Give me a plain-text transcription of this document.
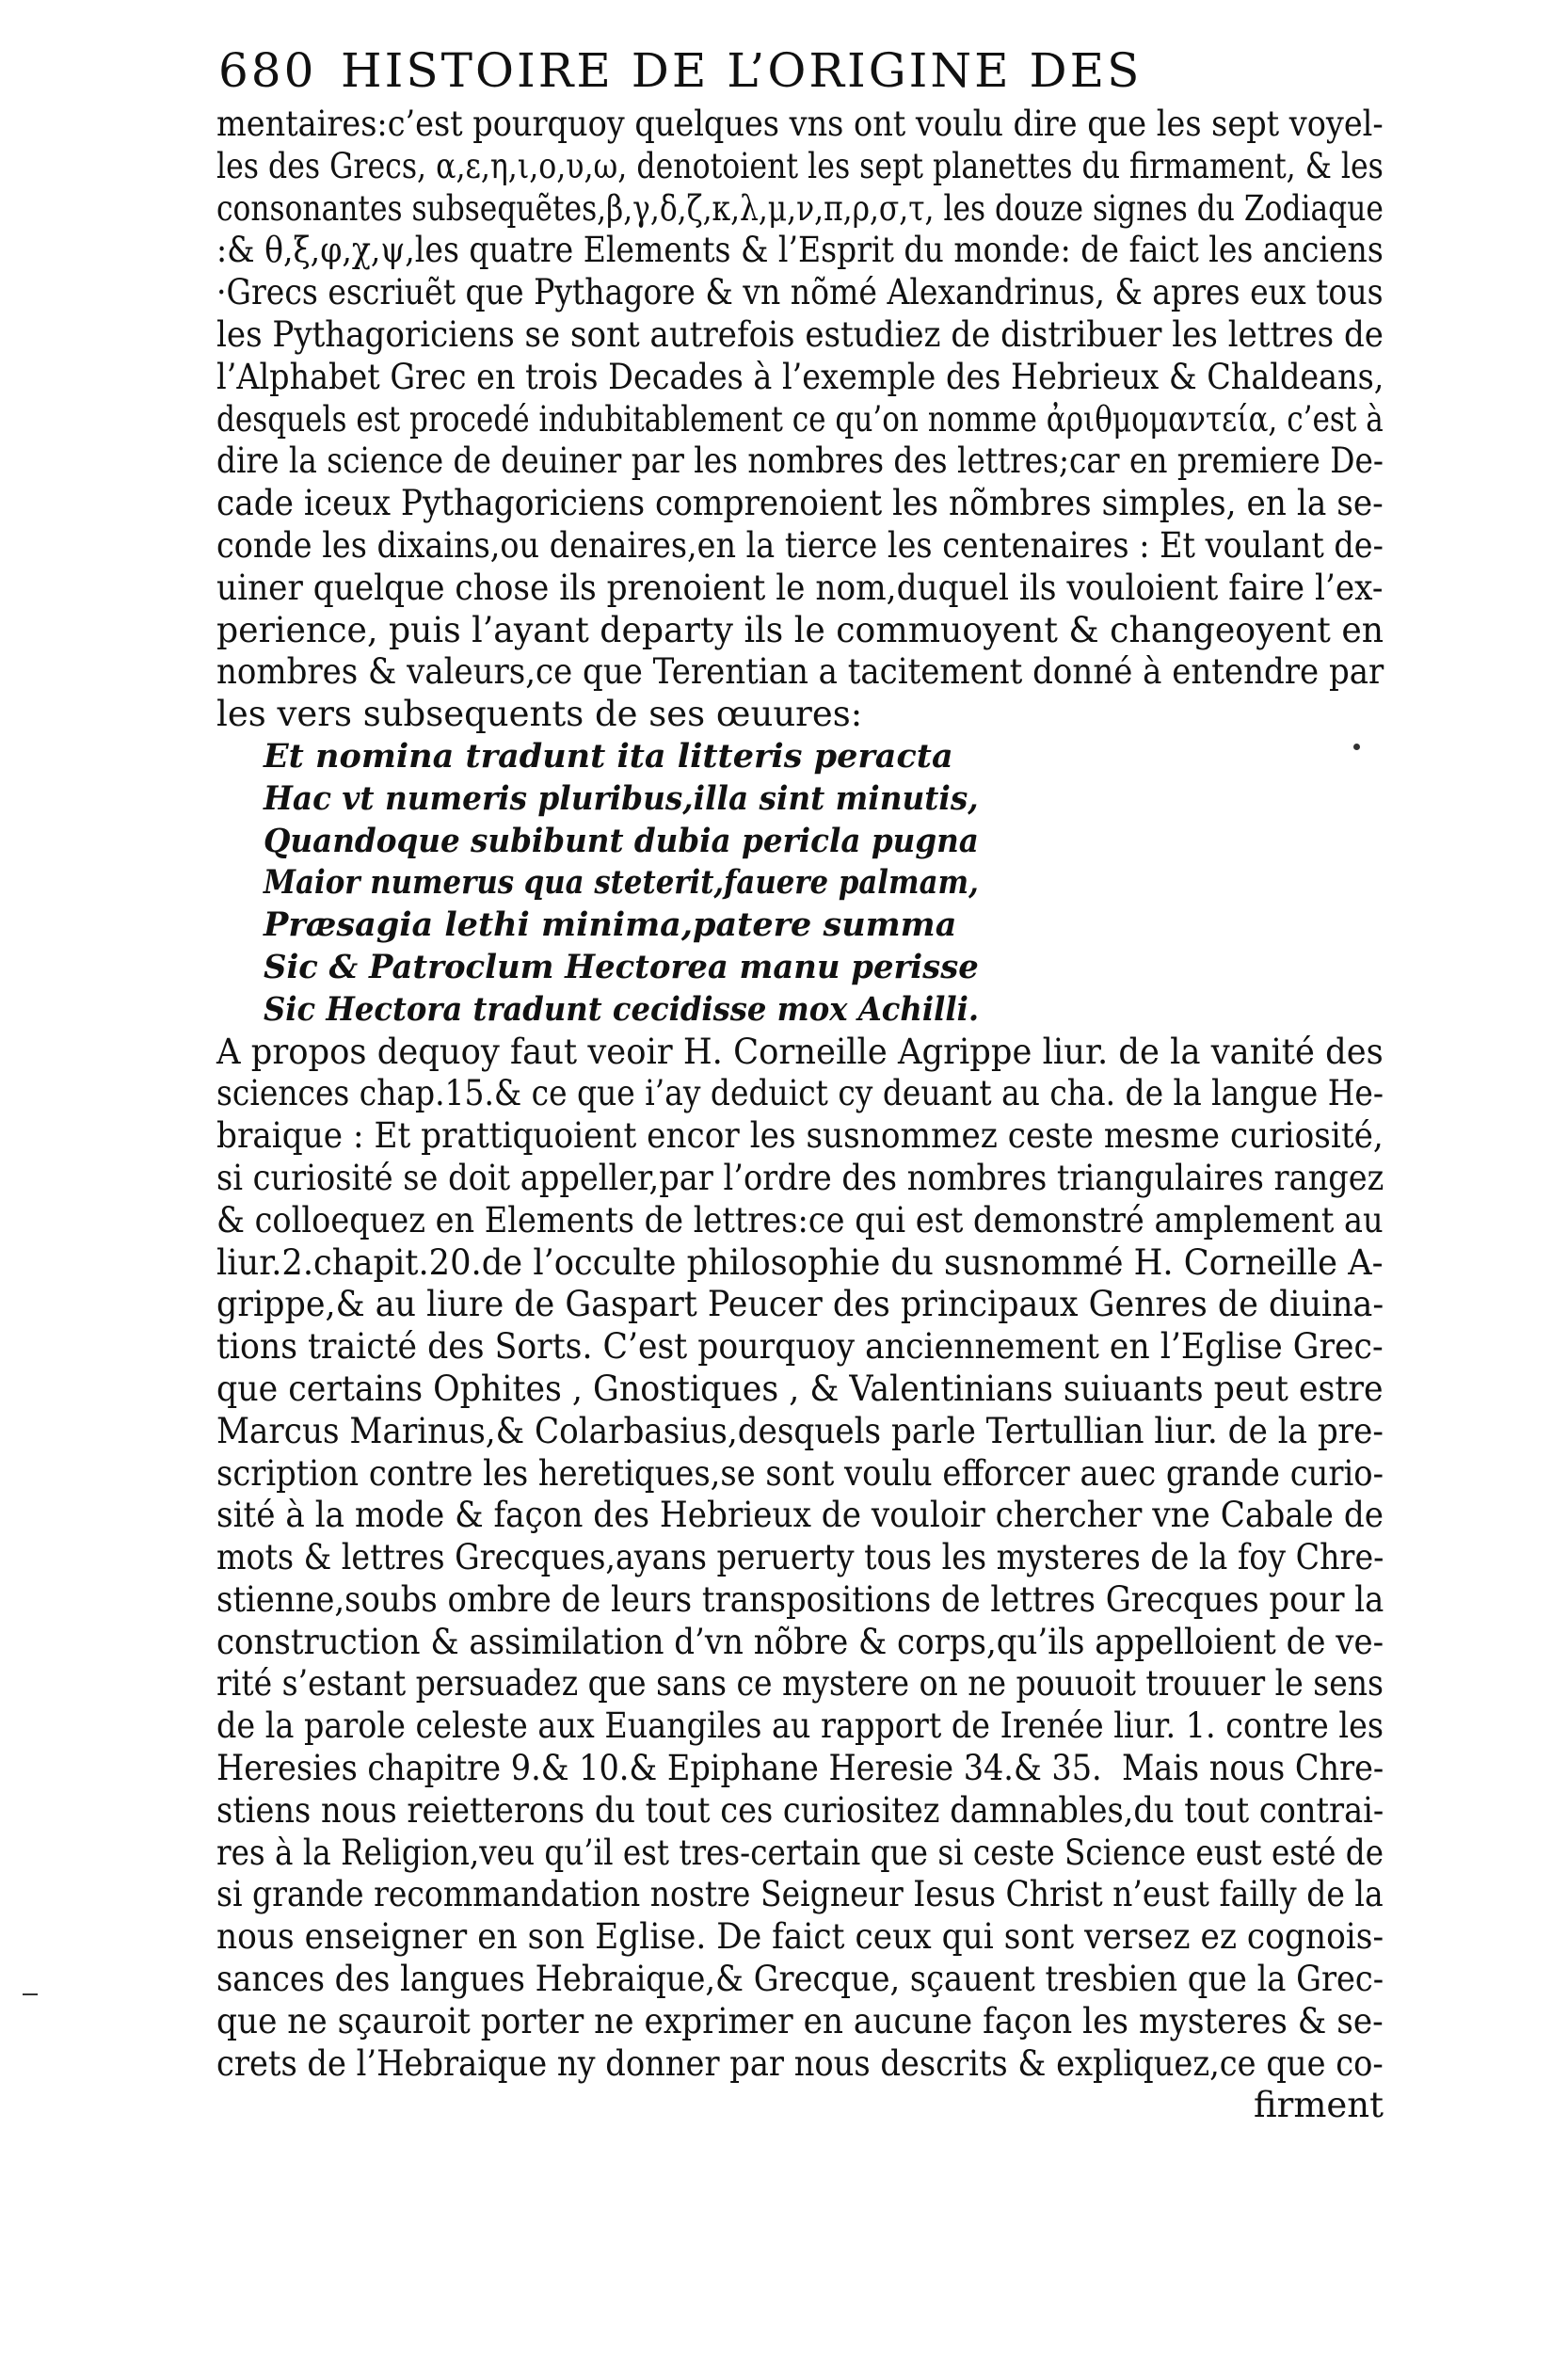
680 HISTOIRE DE L’ORIGINE DES
mentaires:c’est pourquoy quelques vns ont voulu dire que les sept voyel-
les des Grecs, α,ε,η,ι,ο,υ,ω, denotoient les sept planettes du firmament, & les
consonantes subsequẽtes,β,γ,δ,ζ,κ,λ,μ,ν,π,ρ,σ,τ, les douze signes du Zodiaque
:& θ,ξ,φ,χ,ψ,les quatre Elements & l’Esprit du monde: de faict les anciens
·Grecs escriuẽt que Pythagore & vn nõmé Alexandrinus, & apres eux tous
les Pythagoriciens se sont autrefois estudiez de distribuer les lettres de
l’Alphabet Grec en trois Decades à l’exemple des Hebrieux & Chaldeans,
desquels est procedé indubitablement ce qu’on nomme ἀριθμομαντεία, c’est à
dire la science de deuiner par les nombres des lettres;car en premiere De-
cade iceux Pythagoriciens comprenoient les nõmbres simples, en la se-
conde les dixains,ou denaires,en la tierce les centenaires : Et voulant de-
uiner quelque chose ils prenoient le nom,duquel ils vouloient faire l’ex-
perience, puis l’ayant departy ils le commuoyent & changeoyent en
nombres & valeurs,ce que Terentian a tacitement donné à entendre par
les vers subsequents de ses œuures:
Et nomina tradunt ita litteris peracta
Hac vt numeris pluribus,illa sint minutis,
Quandoque subibunt dubia pericla pugna
Maior numerus qua steterit,fauere palmam,
Præsagia lethi minima,patere summa
Sic & Patroclum Hectorea manu perisse
Sic Hectora tradunt cecidisse mox Achilli.
A propos dequoy faut veoir H. Corneille Agrippe liur. de la vanité des
sciences chap.15.& ce que i’ay deduict cy deuant au cha. de la langue He-
braique : Et prattiquoient encor les susnommez ceste mesme curiosité,
si curiosité se doit appeller,par l’ordre des nombres triangulaires rangez
& colloequez en Elements de lettres:ce qui est demonstré amplement au
liur.2.chapit.20.de l’occulte philosophie du susnommé H. Corneille A-
grippe,& au liure de Gaspart Peucer des principaux Genres de diuina-
tions traicté des Sorts. C’est pourquoy anciennement en l’Eglise Grec-
que certains Ophites , Gnostiques , & Valentinians suiuants peut estre
Marcus Marinus,& Colarbasius,desquels parle Tertullian liur. de la pre-
scription contre les heretiques,se sont voulu efforcer auec grande curio-
sité à la mode & façon des Hebrieux de vouloir chercher vne Cabale de
mots & lettres Grecques,ayans peruerty tous les mysteres de la foy Chre-
stienne,soubs ombre de leurs transpositions de lettres Grecques pour la
construction & assimilation d’vn nõbre & corps,qu’ils appelloient de ve-
rité s’estant persuadez que sans ce mystere on ne pouuoit trouuer le sens
de la parole celeste aux Euangiles au rapport de Irenée liur. 1. contre les
Heresies chapitre 9.& 10.& Epiphane Heresie 34.& 35.  Mais nous Chre-
stiens nous reietterons du tout ces curiositez damnables,du tout contrai-
res à la Religion,veu qu’il est tres-certain que si ceste Science eust esté de
si grande recommandation nostre Seigneur Iesus Christ n’eust failly de la
nous enseigner en son Eglise. De faict ceux qui sont versez ez cognois-
sances des langues Hebraique,& Grecque, sçauent tresbien que la Grec-
que ne sçauroit porter ne exprimer en aucune façon les mysteres & se-
crets de l’Hebraique ny donner par nous descrits & expliquez,ce que co-
firment
